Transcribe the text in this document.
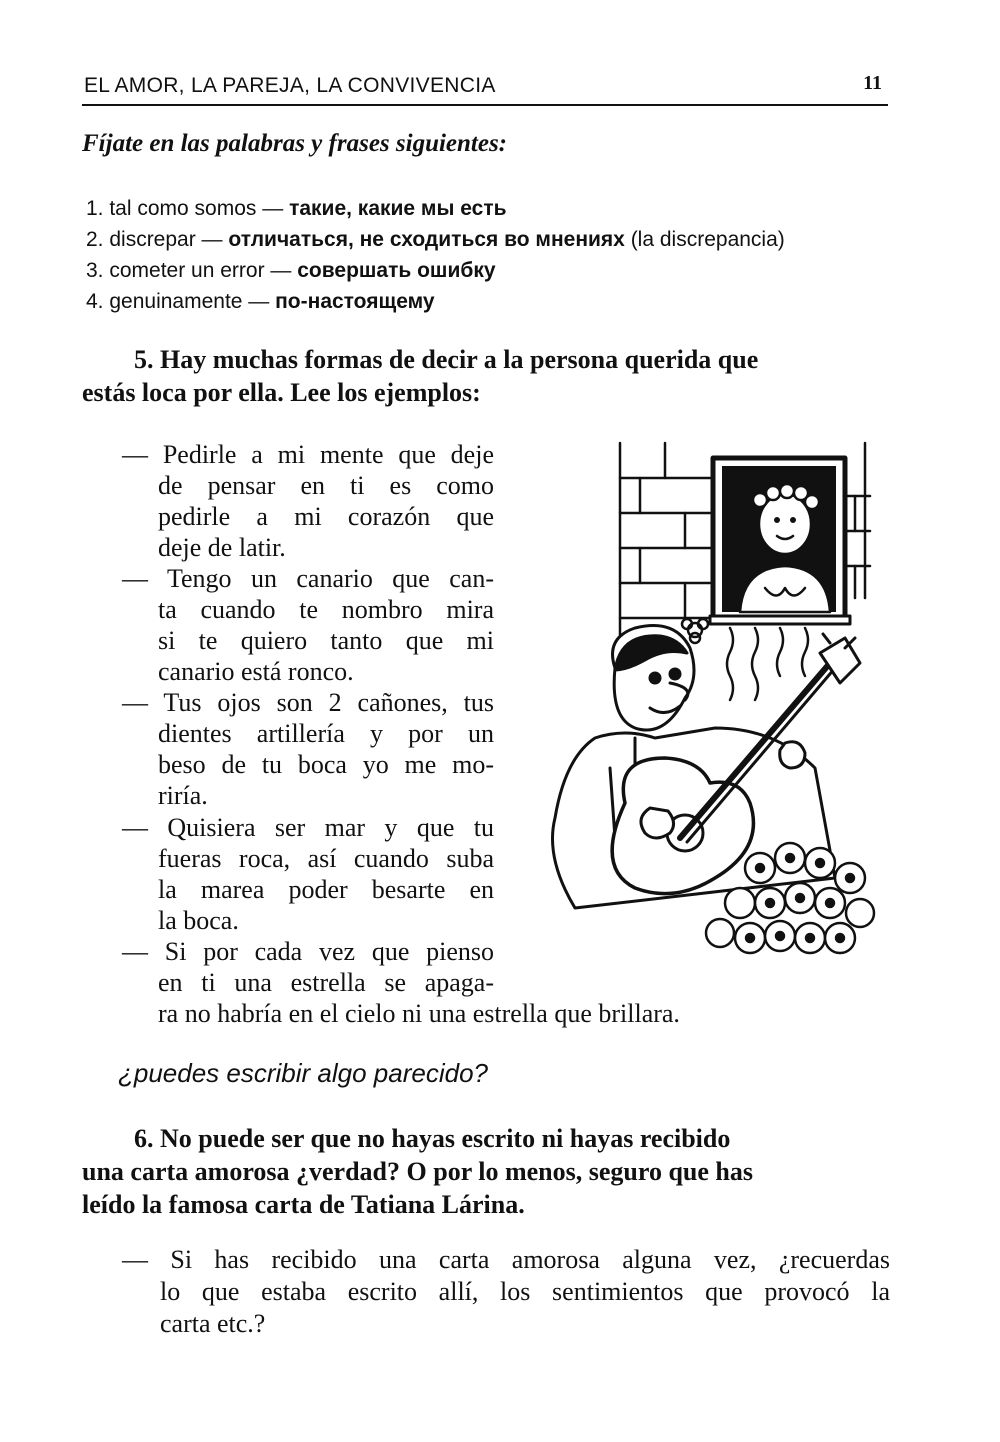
EL AMOR, LA PAREJA, LA CONVIVENCIA	11
Fíjate en las palabras y frases siguientes:
1. tal como somos — такие, какие мы есть
2. discrepar — отличаться, не сходиться во мнениях (la discrepancia)
3. cometer un error — совершать ошибку
4. genuinamente — по-настоящему

5. Hay muchas formas de decir a la persona querida que
estás loca por ella. Lee los ejemplos:

— Pedirle a mi mente que deje
de pensar en ti es como
pedirle a mi corazón que
deje de latir.
— Tengo un canario que can-
ta cuando te nombro mira
si te quiero tanto que mi
canario está ronco.
— Tus ojos son 2 cañones, tus
dientes artillería y por un
beso de tu boca yo me mo-
riría.
— Quisiera ser mar y que tu
fueras roca, así cuando suba
la marea poder besarte en
la boca.
— Si por cada vez que pienso
en ti una estrella se apaga-
ra no habría en el cielo ni una estrella que brillara.
¿puedes escribir algo parecido?

6. No puede ser que no hayas escrito ni hayas recibido
una carta amorosa ¿verdad? O por lo menos, seguro que has
leído la famosa carta de Tatiana Lárina.

— Si has recibido una carta amorosa alguna vez, ¿recuerdas
lo que estaba escrito allí, los sentimientos que provocó la
carta etc.?
